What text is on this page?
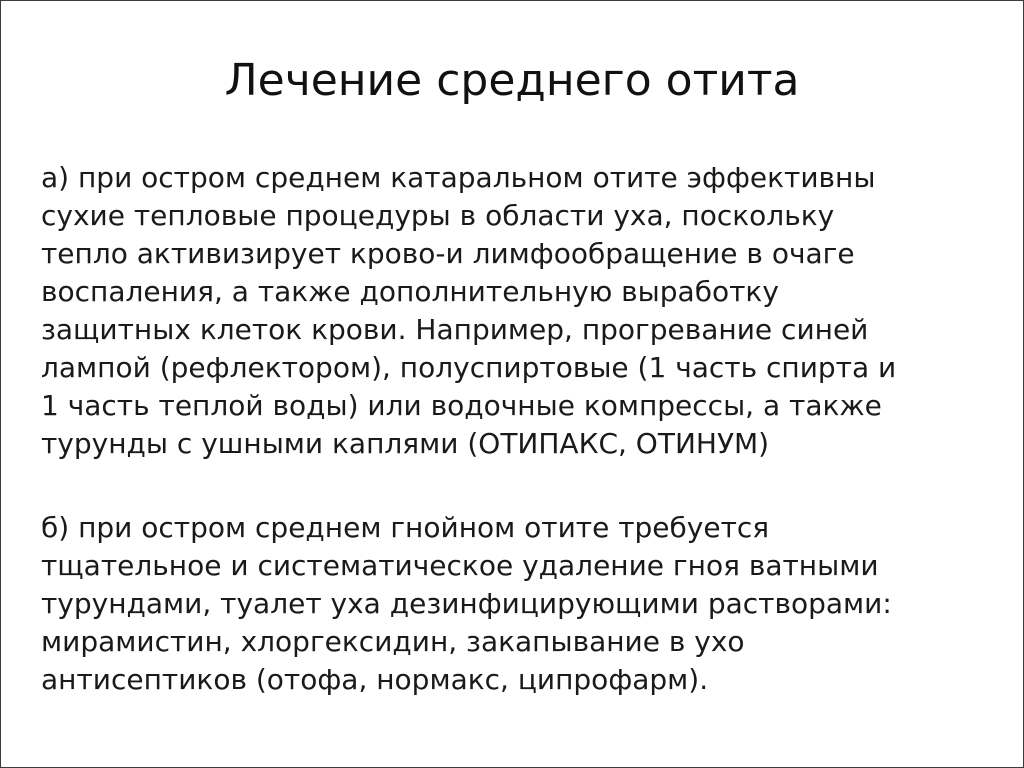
Лечение среднего отита
а) при остром среднем катаральном отите эффективны
сухие тепловые процедуры в области уха, поскольку
тепло активизирует крово-и лимфообращение в очаге
воспаления, а также дополнительную выработку
защитных клеток крови. Например, прогревание синей
лампой (рефлектором), полуспиртовые (1 часть спирта и
1 часть теплой воды) или водочные компрессы, а также
турунды с ушными каплями (ОТИПАКС, ОТИНУМ)
б) при остром среднем гнойном отите требуется
тщательное и систематическое удаление гноя ватными
турундами, туалет уха дезинфицирующими растворами:
мирамистин, хлоргексидин, закапывание в ухо
антисептиков (отофа, нормакс, ципрофарм).
